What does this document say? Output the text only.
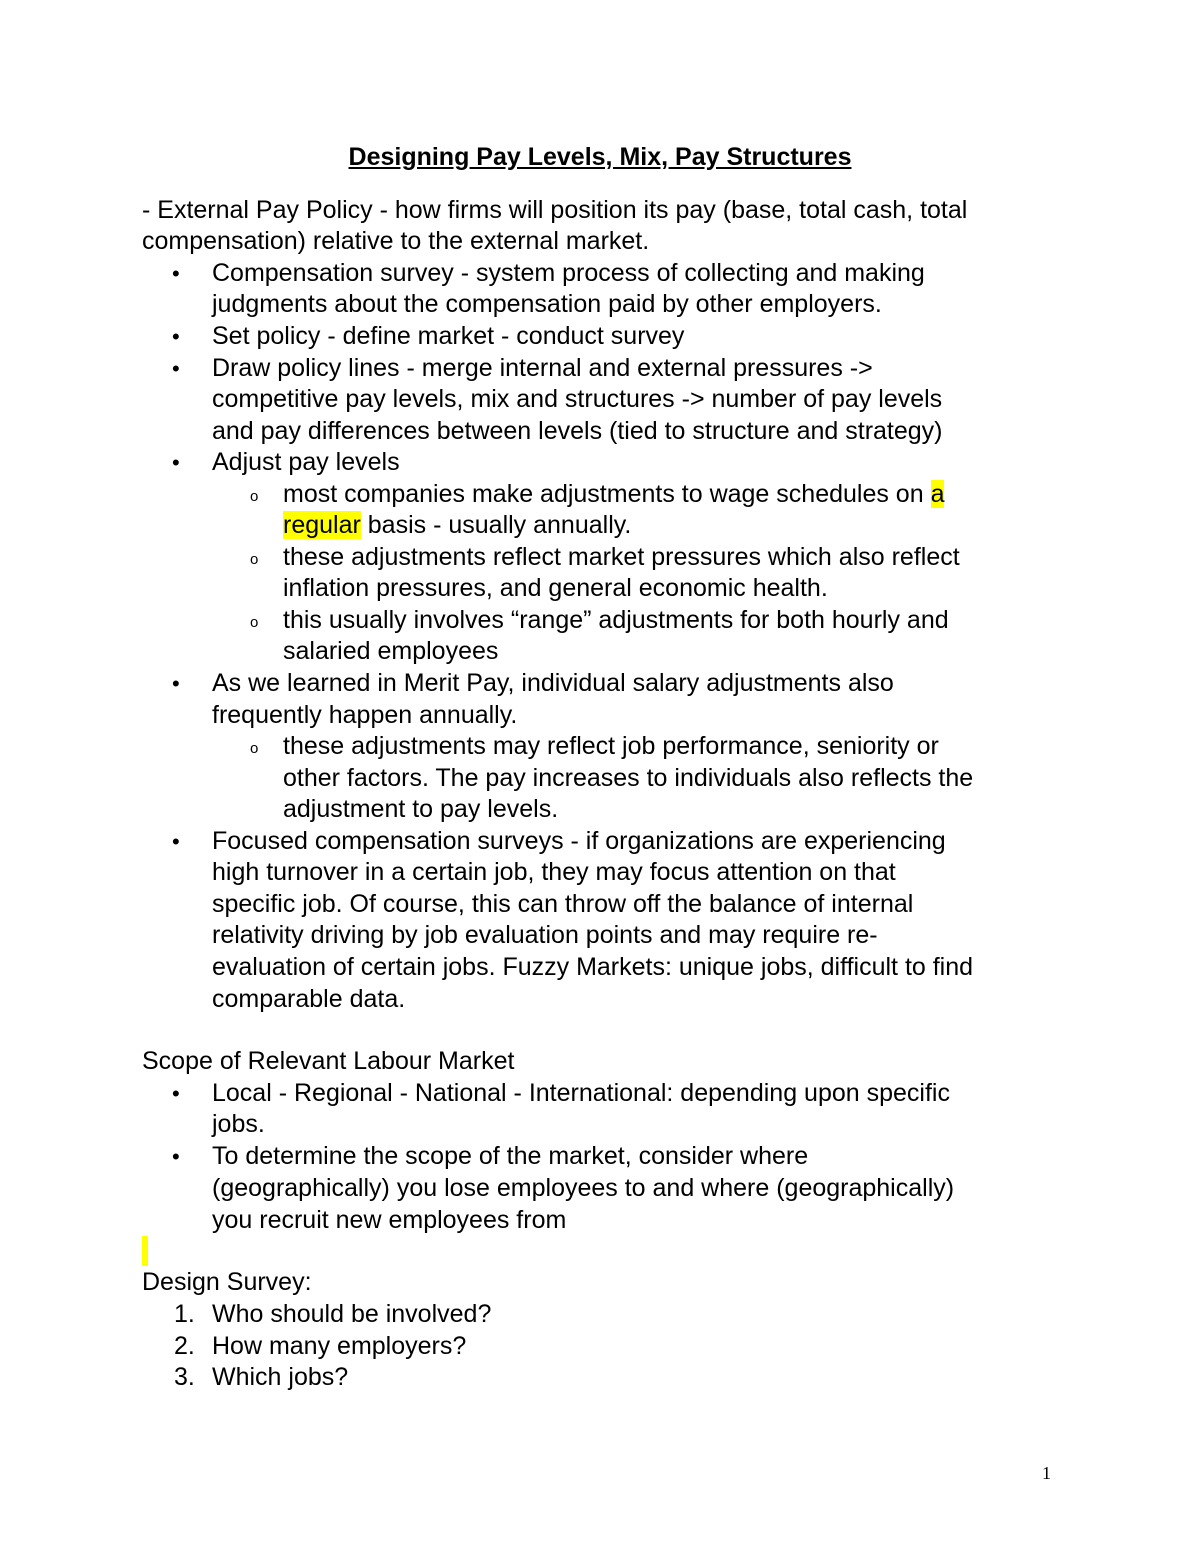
Designing Pay Levels, Mix, Pay Structures
- External Pay Policy - how firms will position its pay (base, total cash, total
compensation) relative to the external market.
• Compensation survey - system process of collecting and making
judgments about the compensation paid by other employers.
• Set policy - define market - conduct survey
• Draw policy lines - merge internal and external pressures ->
competitive pay levels, mix and structures -> number of pay levels
and pay differences between levels (tied to structure and strategy)
• Adjust pay levels
o most companies make adjustments to wage schedules on a
regular basis - usually annually.
o these adjustments reflect market pressures which also reflect
inflation pressures, and general economic health.
o this usually involves “range” adjustments for both hourly and
salaried employees
• As we learned in Merit Pay, individual salary adjustments also
frequently happen annually.
o these adjustments may reflect job performance, seniority or
other factors. The pay increases to individuals also reflects the
adjustment to pay levels.
• Focused compensation surveys - if organizations are experiencing
high turnover in a certain job, they may focus attention on that
specific job. Of course, this can throw off the balance of internal
relativity driving by job evaluation points and may require re-
evaluation of certain jobs. Fuzzy Markets: unique jobs, difficult to find
comparable data.
Scope of Relevant Labour Market
• Local - Regional - National - International: depending upon specific
jobs.
• To determine the scope of the market, consider where
(geographically) you lose employees to and where (geographically)
you recruit new employees from
Design Survey:
1. Who should be involved?
2. How many employers?
3. Which jobs?
1
